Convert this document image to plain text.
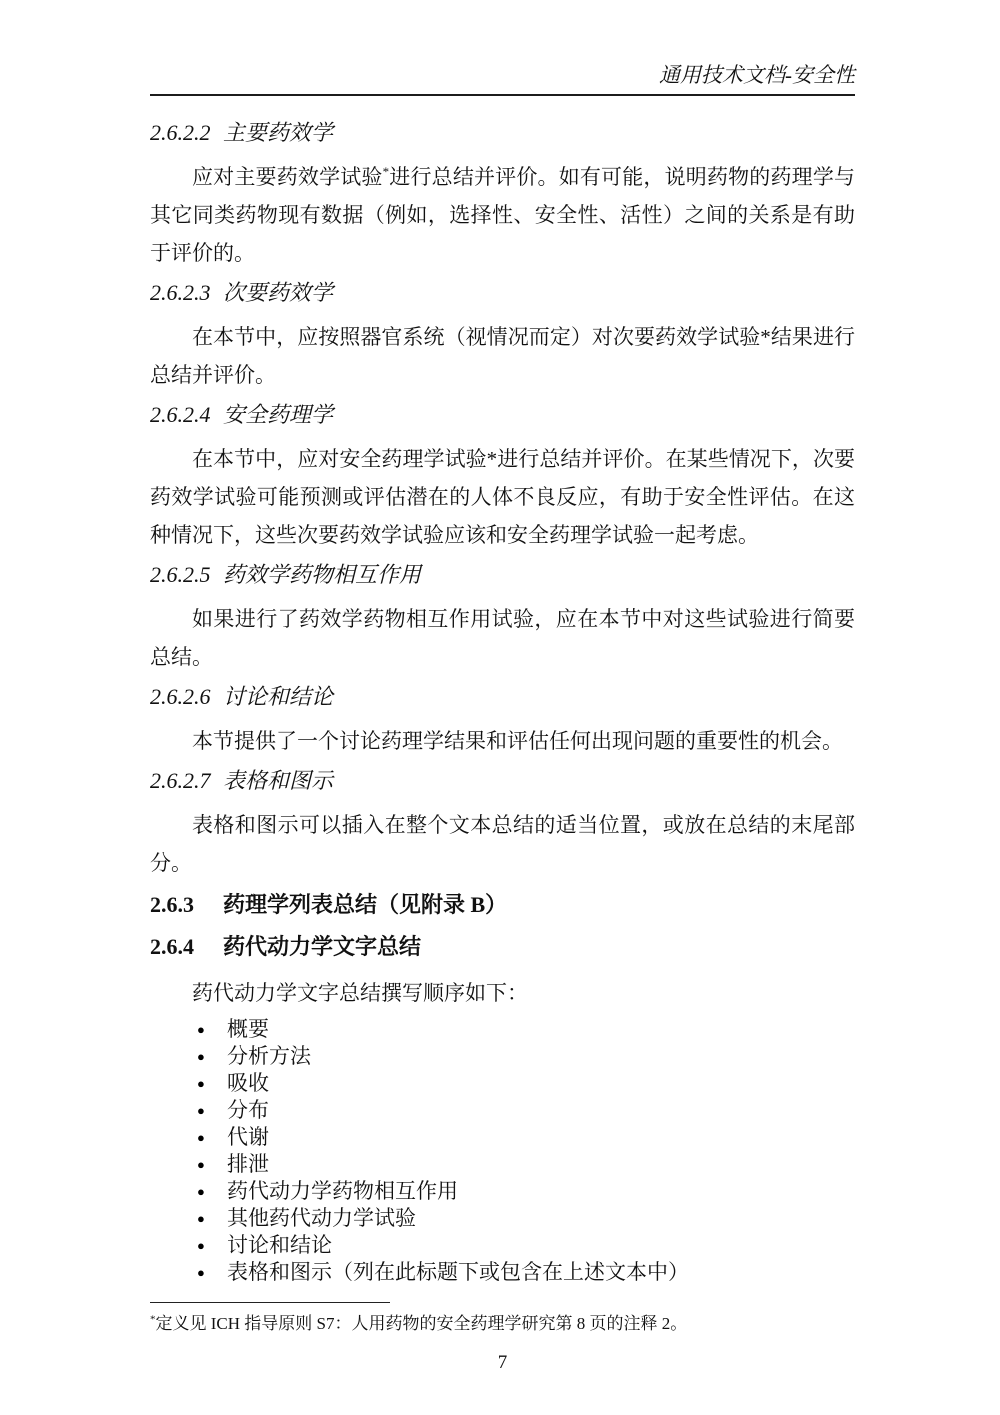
通用技术文档-安全性
2.6.2.2 主要药效学

应对主要药效学试验*进行总结并评价。如有可能，说明药物的药理学与其它同类药物现有数据（例如，选择性、安全性、活性）之间的关系是有助于评价的。

2.6.2.3 次要药效学

在本节中，应按照器官系统（视情况而定）对次要药效学试验*结果进行总结并评价。

2.6.2.4 安全药理学

在本节中，应对安全药理学试验*进行总结并评价。在某些情况下，次要药效学试验可能预测或评估潜在的人体不良反应，有助于安全性评估。在这种情况下，这些次要药效学试验应该和安全药理学试验一起考虑。

2.6.2.5 药效学药物相互作用

如果进行了药效学药物相互作用试验，应在本节中对这些试验进行简要总结。

2.6.2.6 讨论和结论

本节提供了一个讨论药理学结果和评估任何出现问题的重要性的机会。

2.6.2.7 表格和图示

表格和图示可以插入在整个文本总结的适当位置，或放在总结的末尾部分。

2.6.3	药理学列表总结（见附录 B）
2.6.4	药代动力学文字总结

药代动力学文字总结撰写顺序如下：

● 概要
● 分析方法
● 吸收
● 分布
● 代谢
● 排泄
● 药代动力学药物相互作用
● 其他药代动力学试验
● 讨论和结论
● 表格和图示（列在此标题下或包含在上述文本中）
*定义见 ICH 指导原则 S7：人用药物的安全药理学研究第 8 页的注释 2。
7
